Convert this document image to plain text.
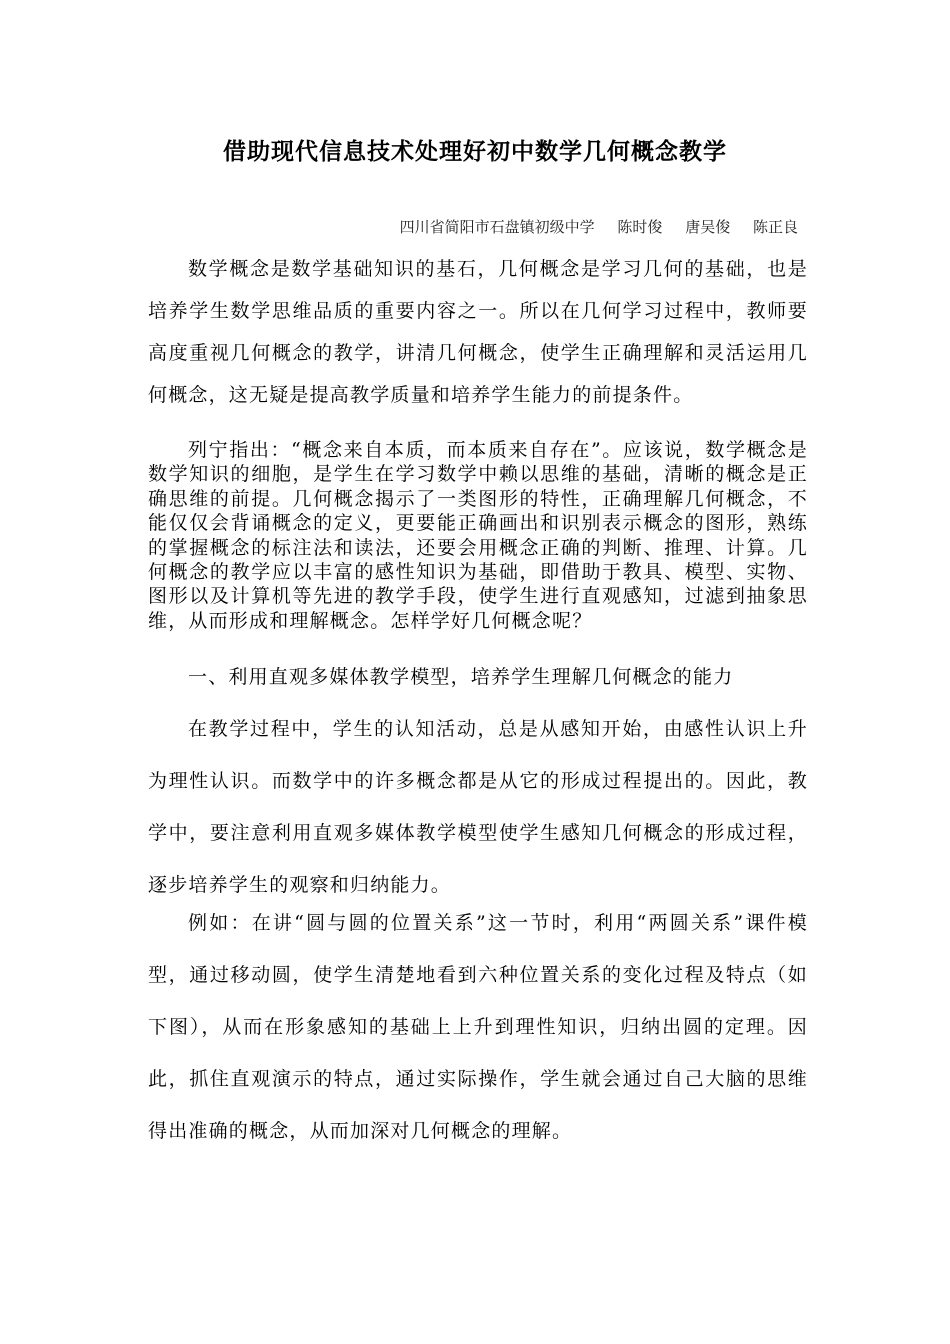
借助现代信息技术处理好初中数学几何概念教学
四川省简阳市石盘镇初级中学 陈时俊 唐吴俊 陈正良

数学概念是数学基础知识的基石，几何概念是学习几何的基础，也是培养学生数学思维品质的重要内容之一。所以在几何学习过程中，教师要高度重视几何概念的教学，讲清几何概念，使学生正确理解和灵活运用几何概念，这无疑是提高教学质量和培养学生能力的前提条件。

列宁指出：“概念来自本质，而本质来自存在”。应该说，数学概念是数学知识的细胞，是学生在学习数学中赖以思维的基础，清晰的概念是正确思维的前提。几何概念揭示了一类图形的特性，正确理解几何概念，不能仅仅会背诵概念的定义，更要能正确画出和识别表示概念的图形，熟练的掌握概念的标注法和读法，还要会用概念正确的判断、推理、计算。几何概念的教学应以丰富的感性知识为基础，即借助于教具、模型、实物、图形以及计算机等先进的教学手段，使学生进行直观感知，过滤到抽象思维，从而形成和理解概念。怎样学好几何概念呢？

一、利用直观多媒体教学模型，培养学生理解几何概念的能力

在教学过程中，学生的认知活动，总是从感知开始，由感性认识上升为理性认识。而数学中的许多概念都是从它的形成过程提出的。因此，教学中，要注意利用直观多媒体教学模型使学生感知几何概念的形成过程，逐步培养学生的观察和归纳能力。

例如：在讲“圆与圆的位置关系”这一节时，利用“两圆关系”课件模型，通过移动圆，使学生清楚地看到六种位置关系的变化过程及特点（如下图），从而在形象感知的基础上上升到理性知识，归纳出圆的定理。因此，抓住直观演示的特点，通过实际操作，学生就会通过自己大脑的思维得出准确的概念，从而加深对几何概念的理解。
